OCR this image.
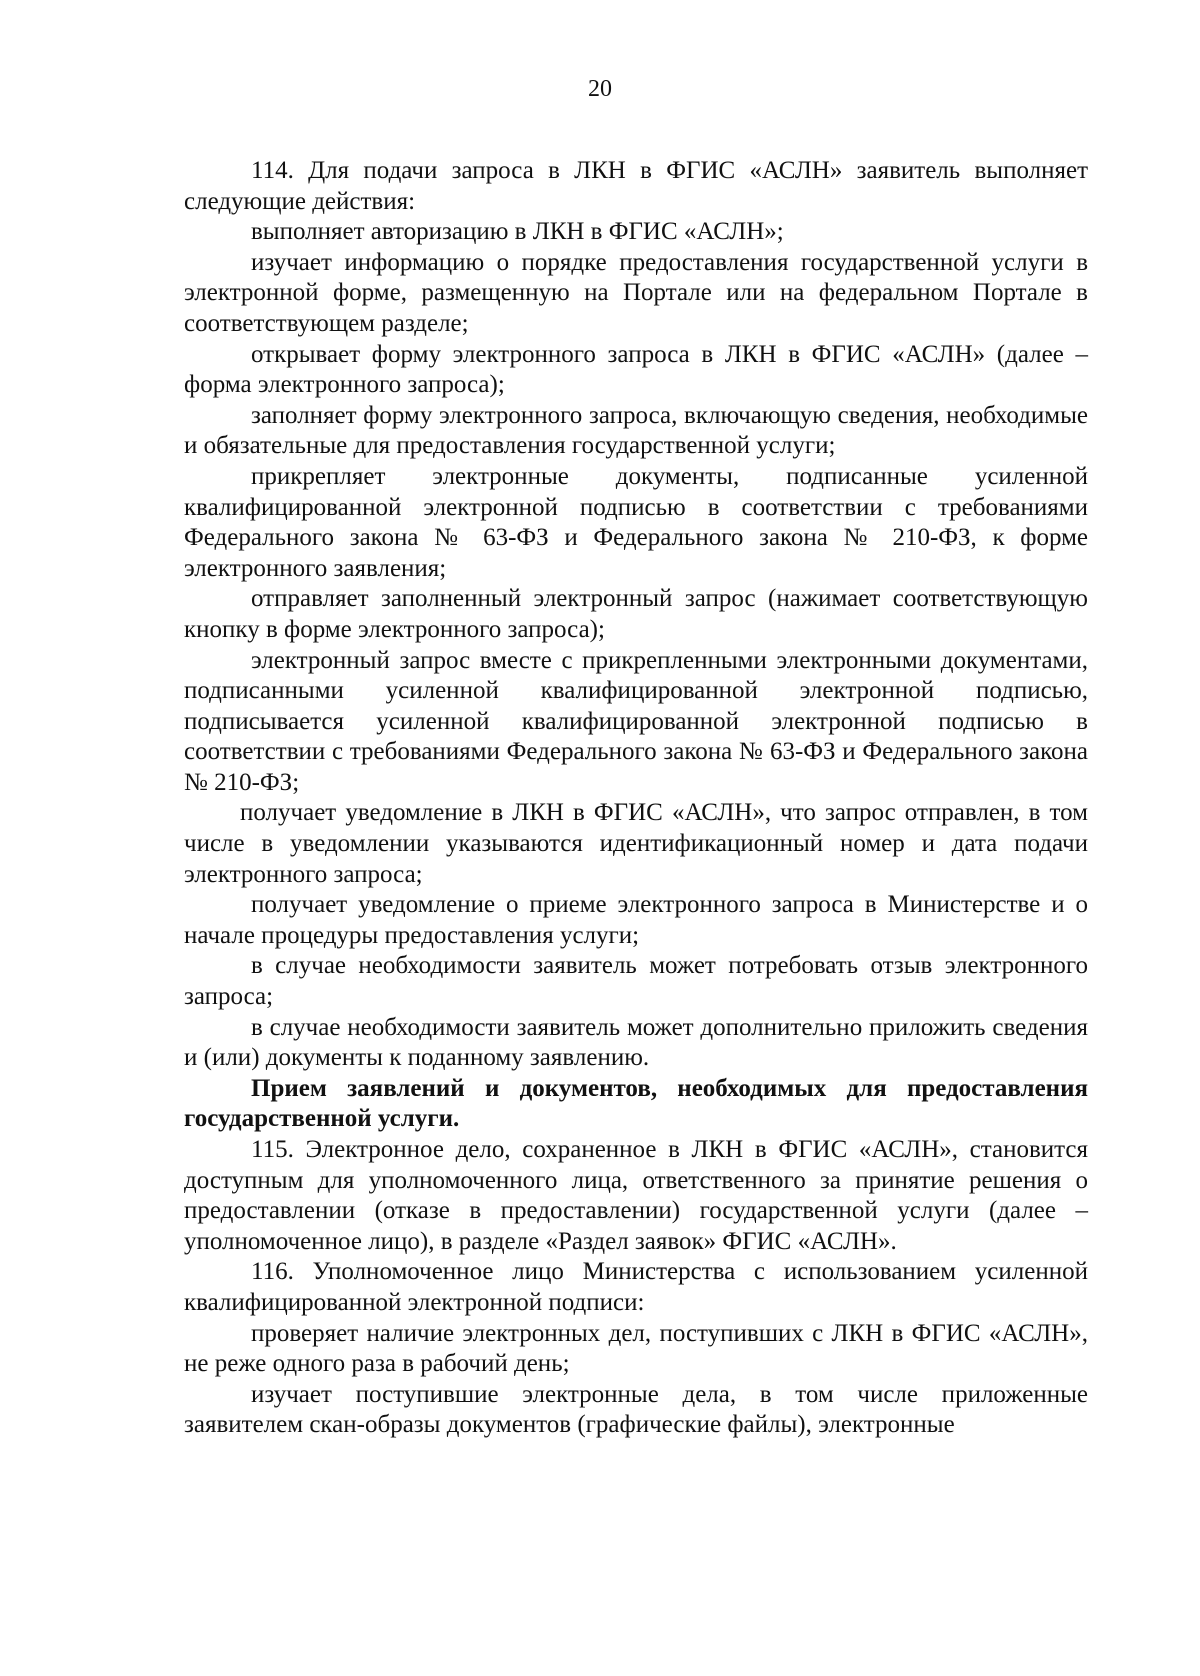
20

114. Для подачи запроса в ЛКН в ФГИС «АСЛН» заявитель выполняет следующие действия:

выполняет авторизацию в ЛКН в ФГИС «АСЛН»;

изучает информацию о порядке предоставления государственной услуги в электронной форме, размещенную на Портале или на федеральном Портале в соответствующем разделе;

открывает форму электронного запроса в ЛКН в ФГИС «АСЛН» (далее – форма электронного запроса);

заполняет форму электронного запроса, включающую сведения, необходимые и обязательные для предоставления государственной услуги;

прикрепляет электронные документы, подписанные усиленной квалифицированной электронной подписью в соответствии с требованиями Федерального закона № 63-ФЗ и Федерального закона № 210-ФЗ, к форме электронного заявления;

отправляет заполненный электронный запрос (нажимает соответствующую кнопку в форме электронного запроса);

электронный запрос вместе с прикрепленными электронными документами, подписанными усиленной квалифицированной электронной подписью, подписывается усиленной квалифицированной электронной подписью в соответствии с требованиями Федерального закона № 63-ФЗ и Федерального закона № 210-ФЗ;

получает уведомление в ЛКН в ФГИС «АСЛН», что запрос отправлен, в том числе в уведомлении указываются идентификационный номер и дата подачи электронного запроса;

получает уведомление о приеме электронного запроса в Министерстве и о начале процедуры предоставления услуги;

в случае необходимости заявитель может потребовать отзыв электронного запроса;

в случае необходимости заявитель может дополнительно приложить сведения и (или) документы к поданному заявлению.

Прием заявлений и документов, необходимых для предоставления государственной услуги.

115. Электронное дело, сохраненное в ЛКН в ФГИС «АСЛН», становится доступным для уполномоченного лица, ответственного за принятие решения о предоставлении (отказе в предоставлении) государственной услуги (далее – уполномоченное лицо), в разделе «Раздел заявок» ФГИС «АСЛН».

116. Уполномоченное лицо Министерства с использованием усиленной квалифицированной электронной подписи:

проверяет наличие электронных дел, поступивших с ЛКН в ФГИС «АСЛН», не реже одного раза в рабочий день;

изучает поступившие электронные дела, в том числе приложенные заявителем скан-образы документов (графические файлы), электронные
